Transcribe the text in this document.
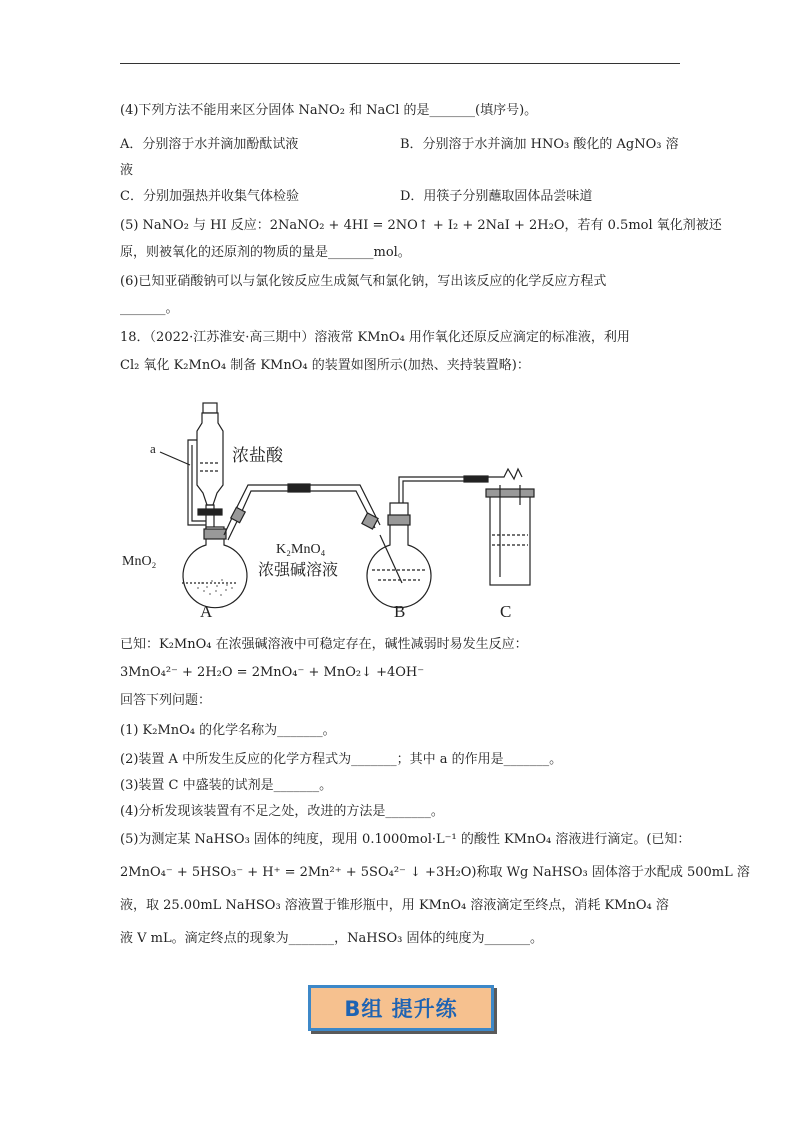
(4)下列方法不能用来区分固体 NaNO₂ 和 NaCl 的是_______(填序号)。
A．分别溶于水并滴加酚酞试液	B．分别溶于水并滴加 HNO₃ 酸化的 AgNO₃ 溶
液
C．分别加强热并收集气体检验	D．用筷子分别蘸取固体品尝味道
(5) NaNO₂ 与 HI 反应：2NaNO₂ + 4HI = 2NO↑ + I₂ + 2NaI + 2H₂O，若有 0.5mol 氧化剂被还
原，则被氧化的还原剂的物质的量是_______mol。
(6)已知亚硝酸钠可以与氯化铵反应生成氮气和氯化钠，写出该反应的化学反应方程式
_______。
18．（2022·江苏淮安·高三期中）溶液常 KMnO₄ 用作氧化还原反应滴定的标准液，利用
Cl₂ 氧化 K₂MnO₄ 制备 KMnO₄ 的装置如图所示(加热、夹持装置略)：
a	浓盐酸
MnO₂
K₂MnO₄
浓强碱溶液
A	B	C
已知：K₂MnO₄ 在浓强碱溶液中可稳定存在，碱性减弱时易发生反应：
3MnO₄²⁻ + 2H₂O = 2MnO₄⁻ + MnO₂↓ +4OH⁻
回答下列问题：
(1) K₂MnO₄ 的化学名称为_______。
(2)装置 A 中所发生反应的化学方程式为_______；其中 a 的作用是_______。
(3)装置 C 中盛装的试剂是_______。
(4)分析发现该装置有不足之处，改进的方法是_______。
(5)为测定某 NaHSO₃ 固体的纯度，现用 0.1000mol·L⁻¹ 的酸性 KMnO₄ 溶液进行滴定。(已知：
2MnO₄⁻ + 5HSO₃⁻ + H⁺ = 2Mn²⁺ + 5SO₄²⁻ ↓ +3H₂O)称取 Wg NaHSO₃ 固体溶于水配成 500mL 溶
液，取 25.00mL NaHSO₃ 溶液置于锥形瓶中，用 KMnO₄ 溶液滴定至终点，消耗 KMnO₄ 溶
液 V mL。滴定终点的现象为_______，NaHSO₃ 固体的纯度为_______。
B组 提升练
